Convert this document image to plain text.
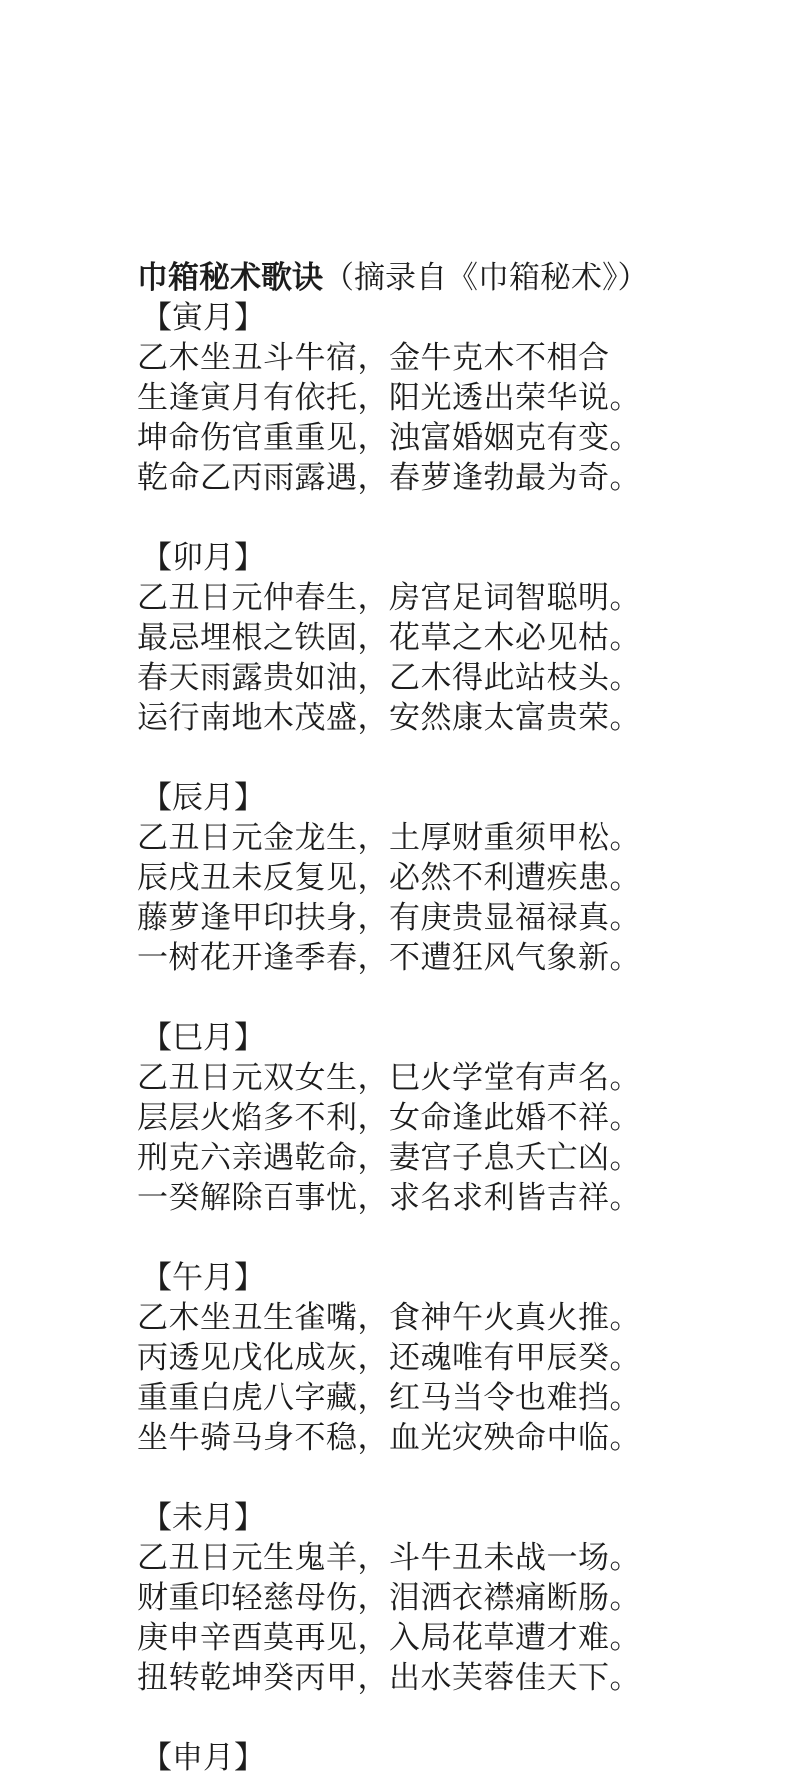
巾箱秘术歌诀（摘录自《巾箱秘术》）
【寅月】
乙木坐丑斗牛宿，金牛克木不相合
生逢寅月有依托，阳光透出荣华说。
坤命伤官重重见，浊富婚姻克有变。
乾命乙丙雨露遇，春萝逢勃最为奇。
【卯月】
乙丑日元仲春生，房宫足词智聪明。
最忌埋根之铁固，花草之木必见枯。
春天雨露贵如油，乙木得此站枝头。
运行南地木茂盛，安然康太富贵荣。
【辰月】
乙丑日元金龙生，土厚财重须甲松。
辰戌丑未反复见，必然不利遭疾患。
藤萝逢甲印扶身，有庚贵显福禄真。
一树花开逢季春，不遭狂风气象新。
【巳月】
乙丑日元双女生，巳火学堂有声名。
层层火焰多不利，女命逢此婚不祥。
刑克六亲遇乾命，妻宫子息夭亡凶。
一癸解除百事忧，求名求利皆吉祥。
【午月】
乙木坐丑生雀嘴，食神午火真火推。
丙透见戊化成灰，还魂唯有甲辰癸。
重重白虎八字藏，红马当令也难挡。
坐牛骑马身不稳，血光灾殃命中临。
【未月】
乙丑日元生鬼羊，斗牛丑未战一场。
财重印轻慈母伤，泪洒衣襟痛断肠。
庚申辛酉莫再见，入局花草遭才难。
扭转乾坤癸丙甲，出水芙蓉佳天下。
【申月】
